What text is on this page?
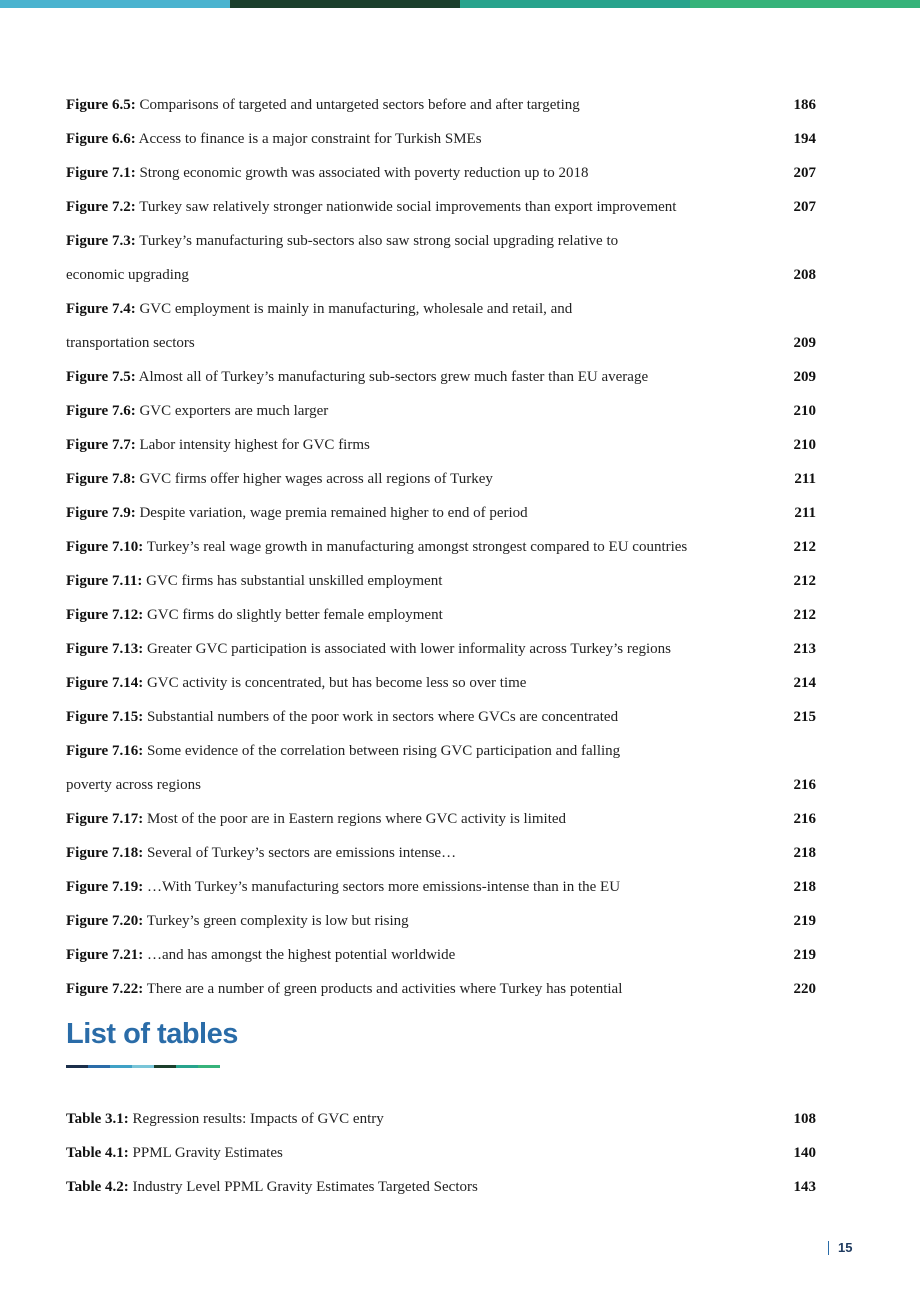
Figure 6.5: Comparisons of targeted and untargeted sectors before and after targeting	186
Figure 6.6: Access to finance is a major constraint for Turkish SMEs	194
Figure 7.1: Strong economic growth was associated with poverty reduction up to 2018	207
Figure 7.2: Turkey saw relatively stronger nationwide social improvements than export improvement	207
Figure 7.3: Turkey’s manufacturing sub-sectors also saw strong social upgrading relative to
economic upgrading	208
Figure 7.4: GVC employment is mainly in manufacturing, wholesale and retail, and
transportation sectors	209
Figure 7.5: Almost all of Turkey’s manufacturing sub-sectors grew much faster than EU average	209
Figure 7.6: GVC exporters are much larger	210
Figure 7.7: Labor intensity highest for GVC firms	210
Figure 7.8: GVC firms offer higher wages across all regions of Turkey	211
Figure 7.9: Despite variation, wage premia remained higher to end of period	211
Figure 7.10: Turkey’s real wage growth in manufacturing amongst strongest compared to EU countries	212
Figure 7.11: GVC firms has substantial unskilled employment	212
Figure 7.12: GVC firms do slightly better female employment	212
Figure 7.13: Greater GVC participation is associated with lower informality across Turkey’s regions	213
Figure 7.14: GVC activity is concentrated, but has become less so over time	214
Figure 7.15: Substantial numbers of the poor work in sectors where GVCs are concentrated	215
Figure 7.16: Some evidence of the correlation between rising GVC participation and falling
poverty across regions	216
Figure 7.17: Most of the poor are in Eastern regions where GVC activity is limited	216
Figure 7.18: Several of Turkey’s sectors are emissions intense…	218
Figure 7.19: …With Turkey’s manufacturing sectors more emissions-intense than in the EU	218
Figure 7.20: Turkey’s green complexity is low but rising	219
Figure 7.21: …and has amongst the highest potential worldwide	219
Figure 7.22: There are a number of green products and activities where Turkey has potential	220
List of tables
Table 3.1: Regression results: Impacts of GVC entry	108
Table 4.1: PPML Gravity Estimates	140
Table 4.2: Industry Level PPML Gravity Estimates Targeted Sectors	143
15
